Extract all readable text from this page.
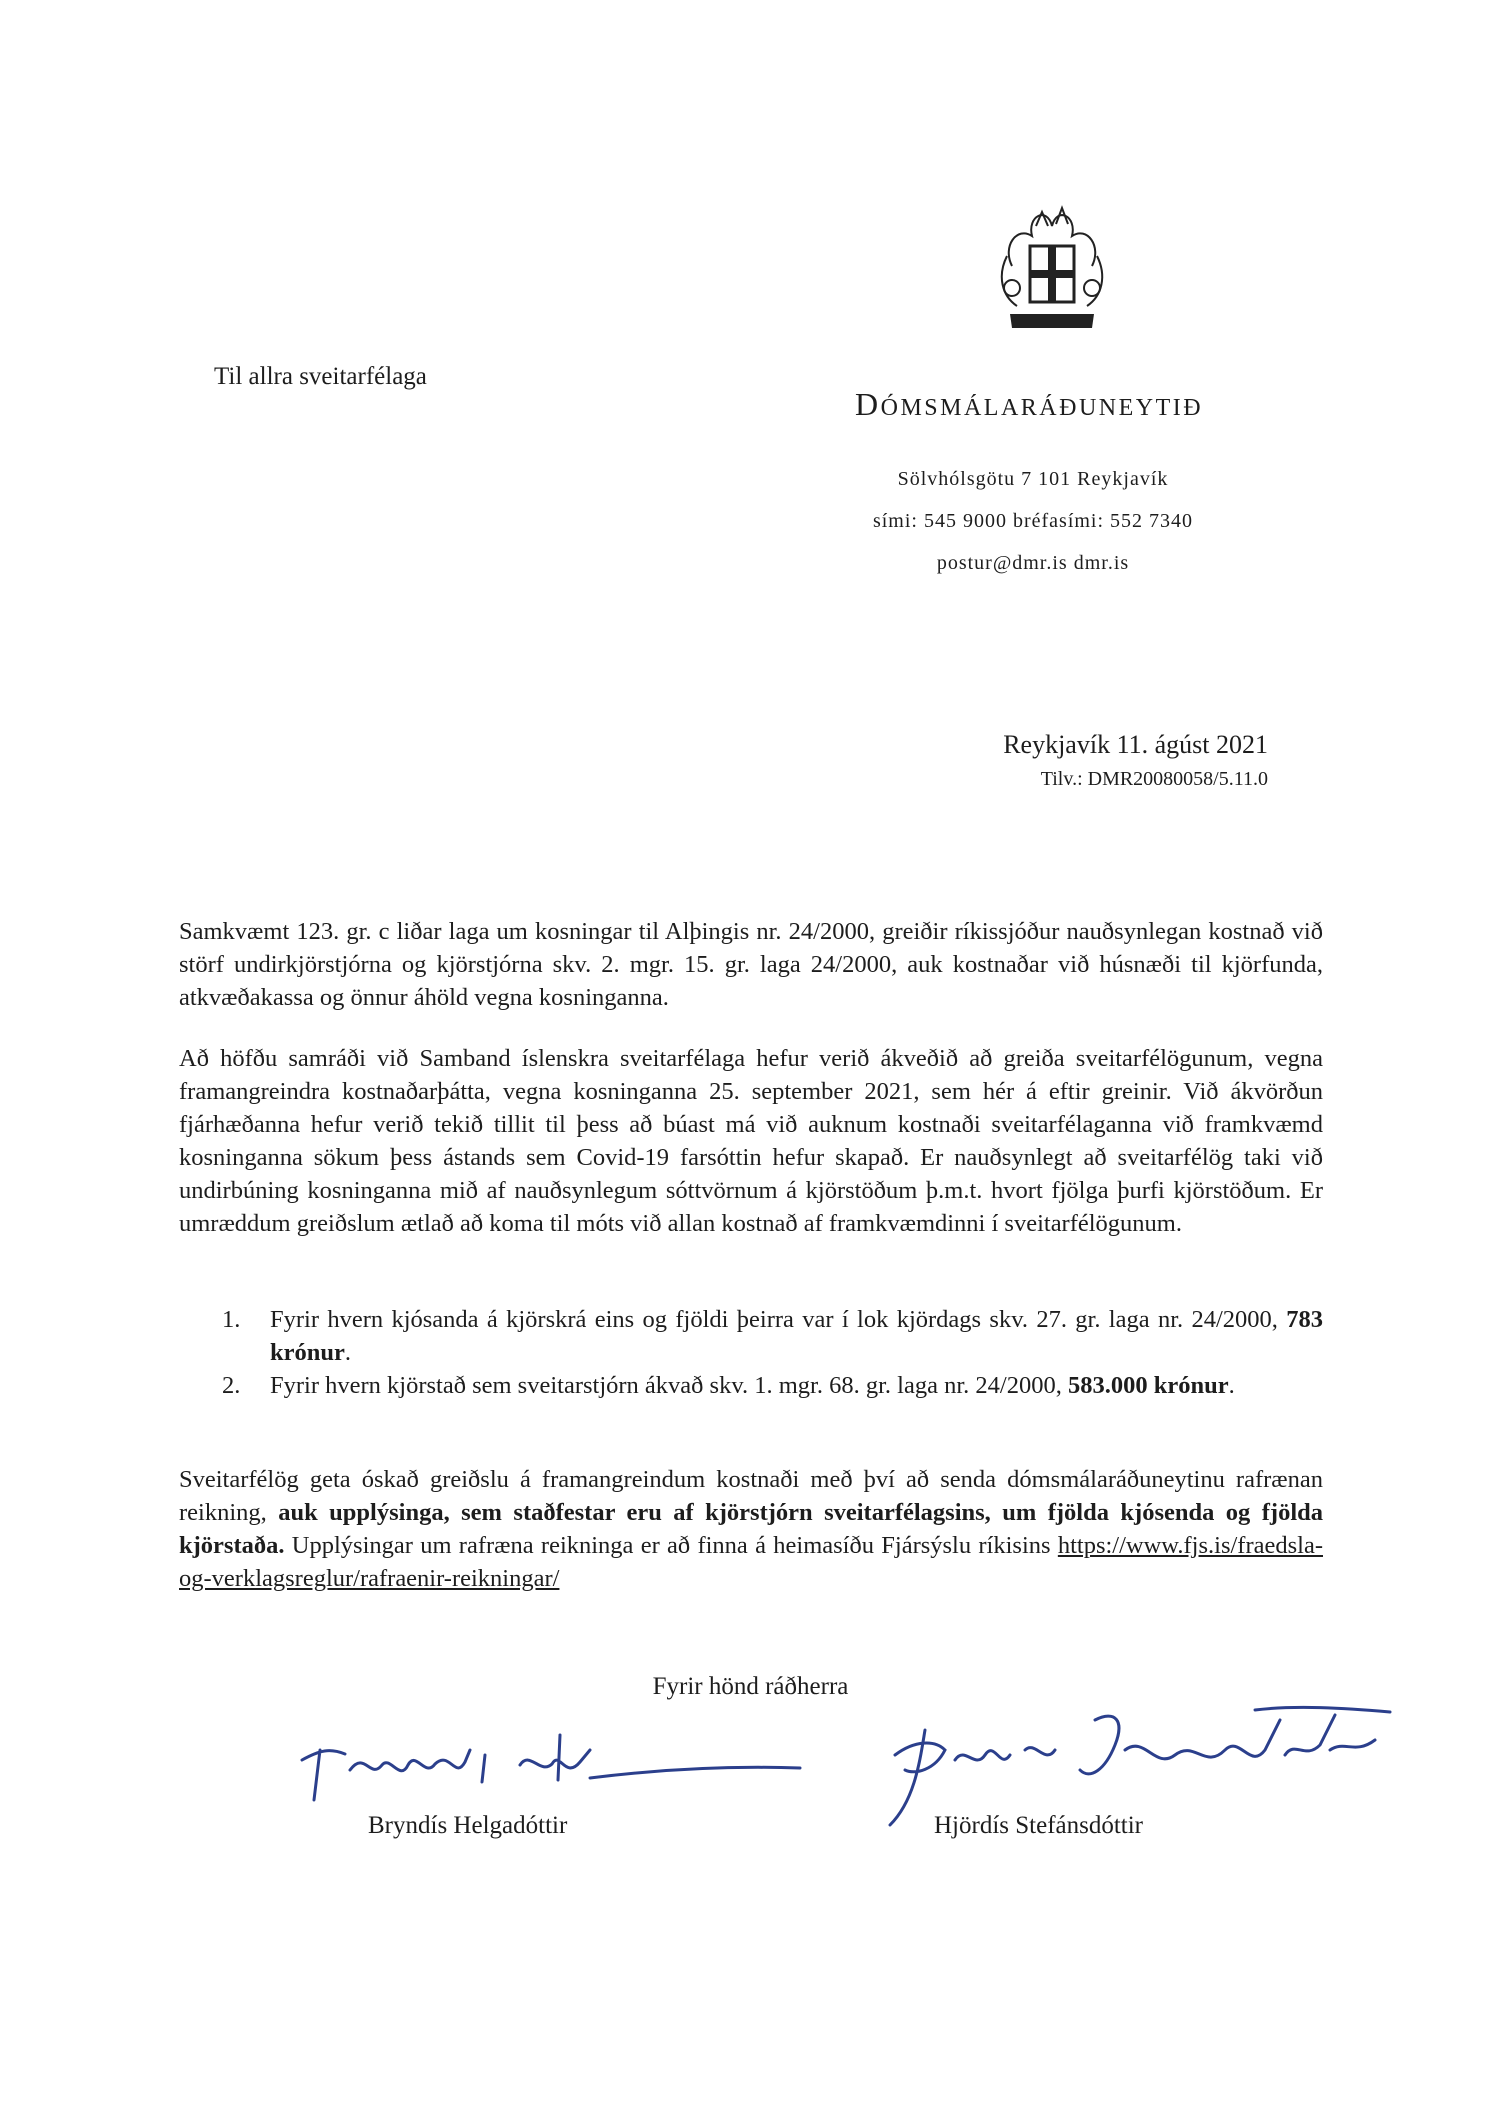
Til allra sveitarfélaga
DÓMSMÁLARÁÐUNEYTIÐ
Sölvhólsgötu 7 101 Reykjavík
sími: 545 9000 bréfasími: 552 7340
postur@dmr.is dmr.is
Reykjavík 11. ágúst 2021
Tilv.: DMR20080058/5.11.0
Samkvæmt 123. gr. c liðar laga um kosningar til Alþingis nr. 24/2000, greiðir ríkissjóður nauðsynlegan kostnað við störf undirkjörstjórna og kjörstjórna skv. 2. mgr. 15. gr. laga 24/2000, auk kostnaðar við húsnæði til kjörfunda, atkvæðakassa og önnur áhöld vegna kosninganna.
Að höfðu samráði við Samband íslenskra sveitarfélaga hefur verið ákveðið að greiða sveitarfélögunum, vegna framangreindra kostnaðarþátta, vegna kosninganna 25. september 2021, sem hér á eftir greinir. Við ákvörðun fjárhæðanna hefur verið tekið tillit til þess að búast má við auknum kostnaði sveitarfélaganna við framkvæmd kosninganna sökum þess ástands sem Covid-19 farsóttin hefur skapað. Er nauðsynlegt að sveitarfélög taki við undirbúning kosninganna mið af nauðsynlegum sóttvörnum á kjörstöðum þ.m.t. hvort fjölga þurfi kjörstöðum. Er umræddum greiðslum ætlað að koma til móts við allan kostnað af framkvæmdinni í sveitarfélögunum.
1. Fyrir hvern kjósanda á kjörskrá eins og fjöldi þeirra var í lok kjördags skv. 27. gr. laga nr. 24/2000, 783 krónur.
2. Fyrir hvern kjörstað sem sveitarstjórn ákvað skv. 1. mgr. 68. gr. laga nr. 24/2000, 583.000 krónur.
Sveitarfélög geta óskað greiðslu á framangreindum kostnaði með því að senda dómsmálaráðuneytinu rafrænan reikning, auk upplýsinga, sem staðfestar eru af kjörstjórn sveitarfélagsins, um fjölda kjósenda og fjölda kjörstaða. Upplýsingar um rafræna reikninga er að finna á heimasíðu Fjársýslu ríkisins https://www.fjs.is/fraedsla-og-verklagsreglur/rafraenir-reikningar/
Fyrir hönd ráðherra
Bryndís Helgadóttir	Hjördís Stefánsdóttir
